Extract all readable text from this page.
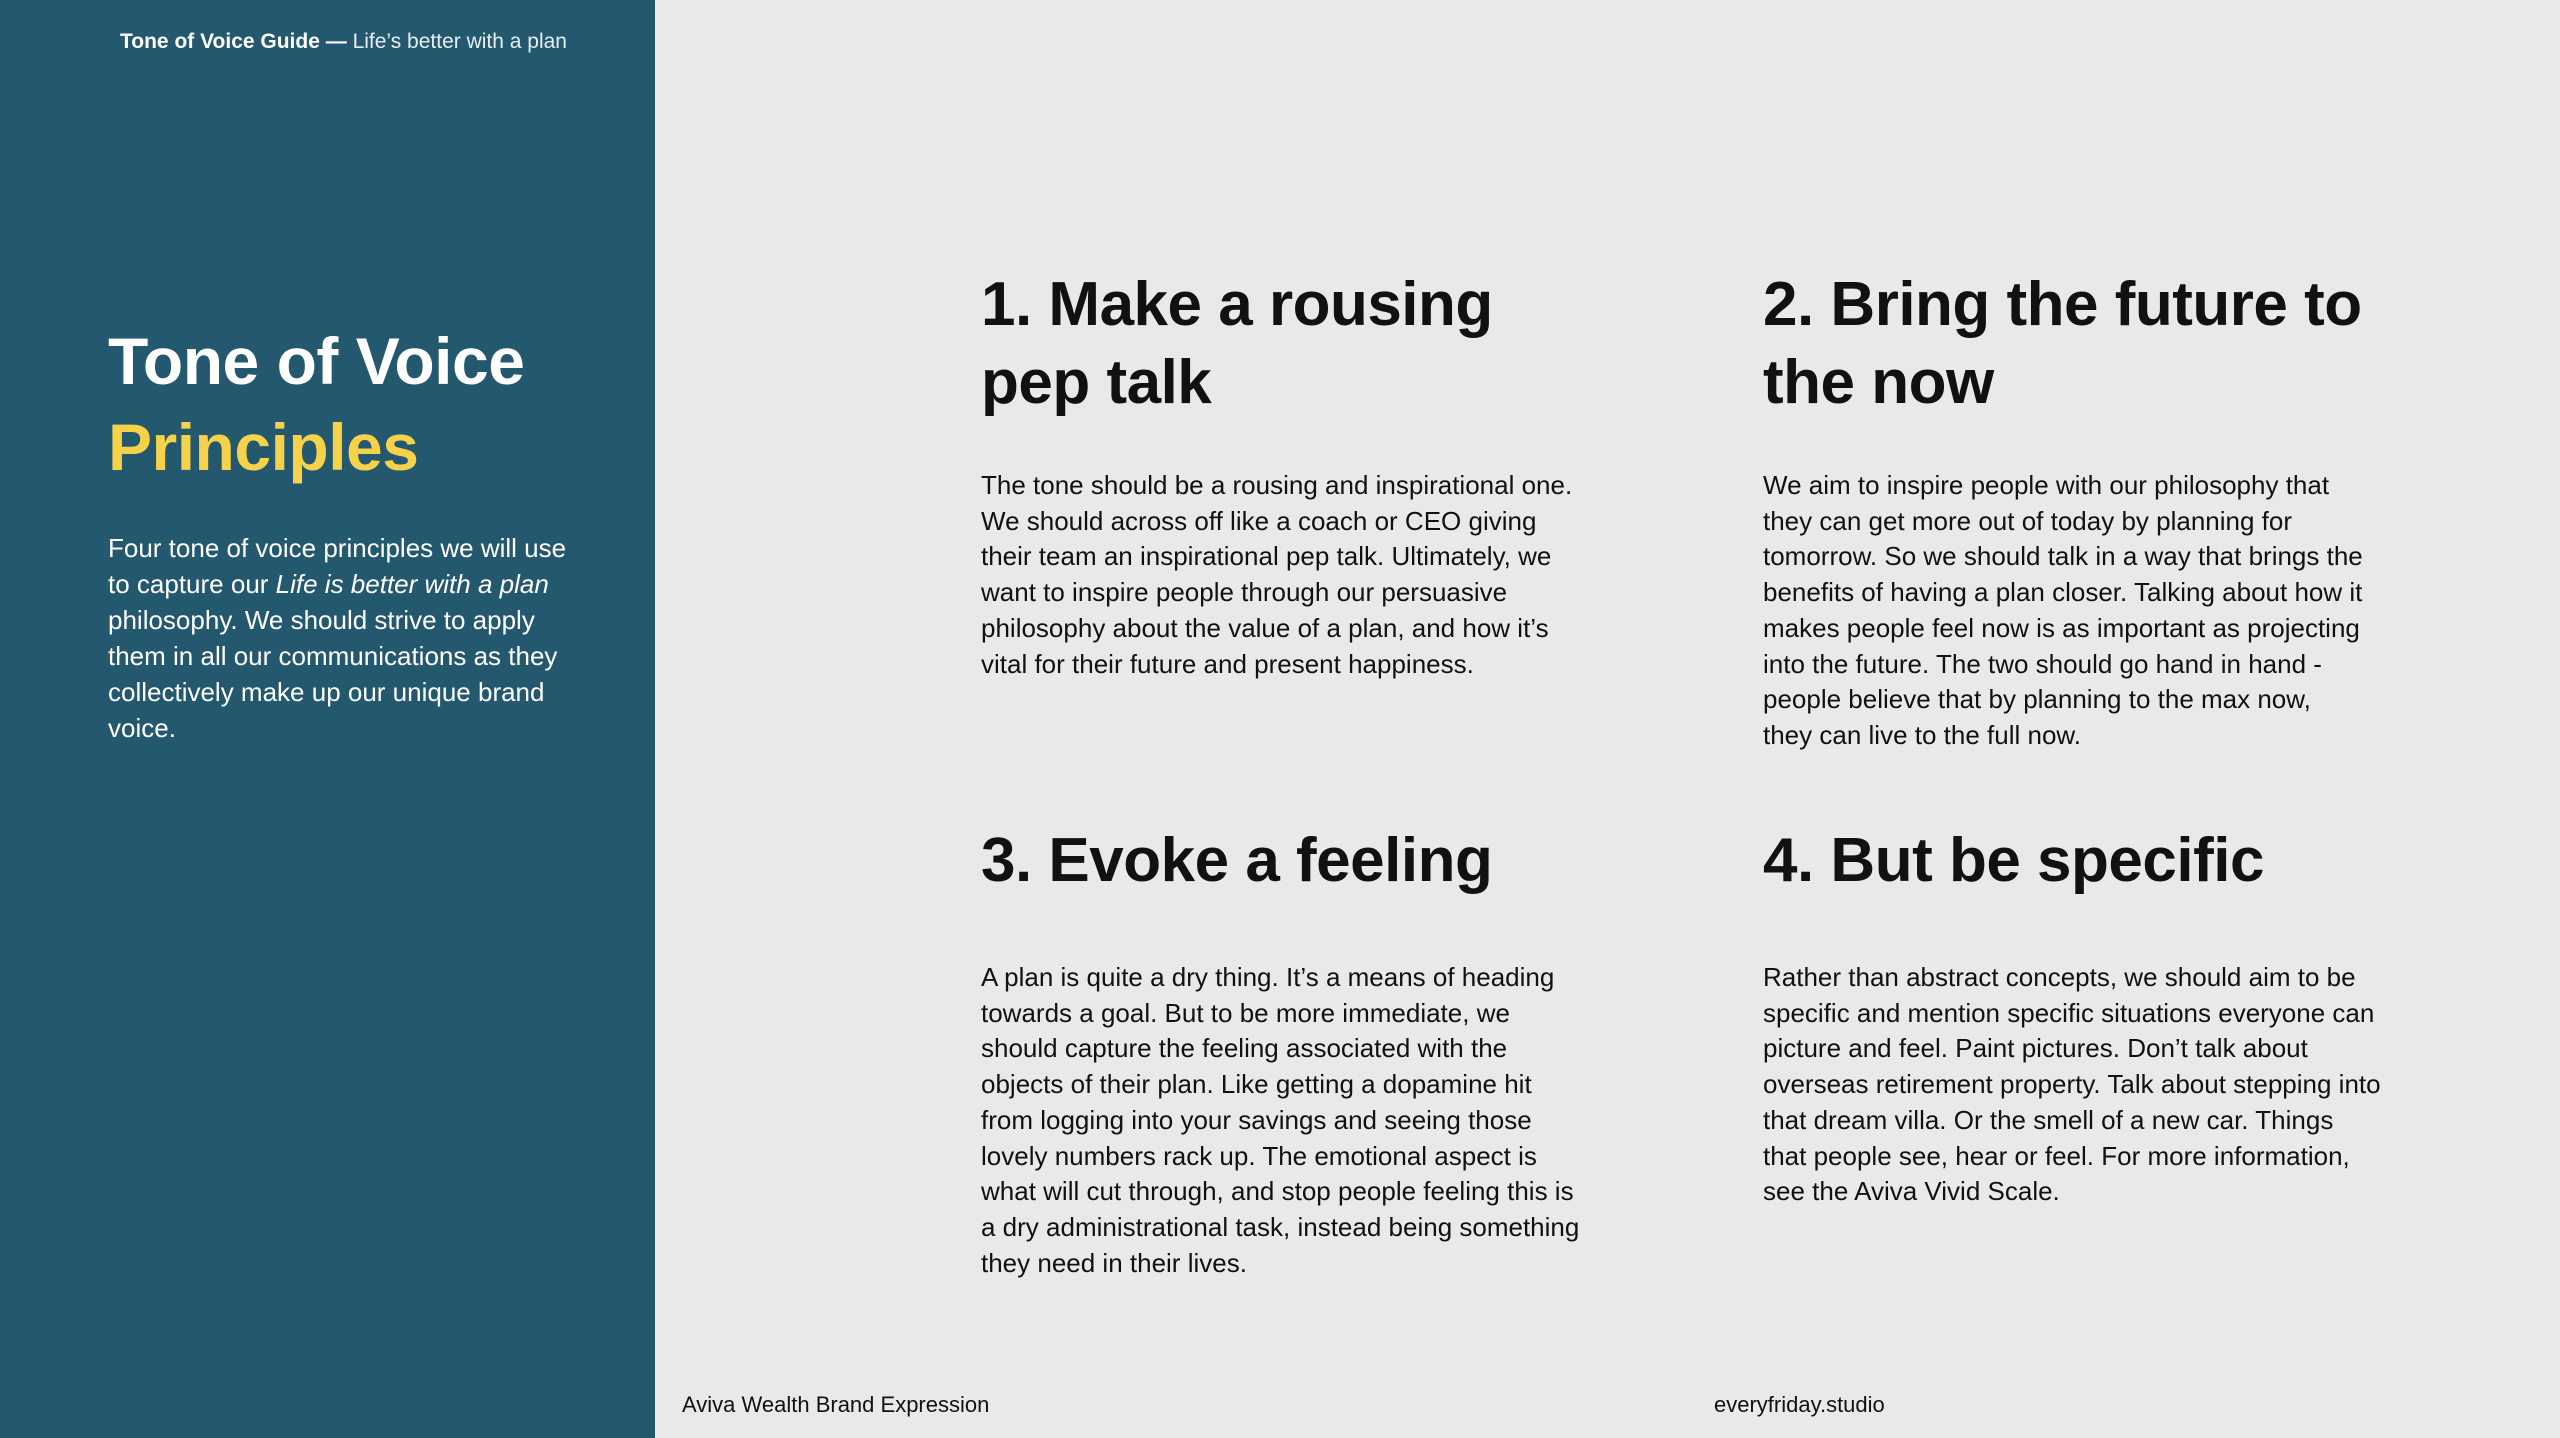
Tone of Voice Guide — Life’s better with a plan
Tone of Voice
Principles
Four tone of voice principles we will use to capture our Life is better with a plan philosophy. We should strive to apply them in all our communications as they collectively make up our unique brand voice.
1. Make a rousing pep talk

The tone should be a rousing and inspirational one. We should across off like a coach or CEO giving their team an inspirational pep talk. Ultimately, we want to inspire people through our persuasive philosophy about the value of a plan, and how it’s vital for their future and present happiness.

2. Bring the future to the now

We aim to inspire people with our philosophy that they can get more out of today by planning for tomorrow. So we should talk in a way that brings the benefits of having a plan closer. Talking about how it makes people feel now is as important as projecting into the future. The two should go hand in hand - people believe that by planning to the max now, they can live to the full now.

3. Evoke a feeling

A plan is quite a dry thing. It’s a means of heading towards a goal. But to be more immediate, we should capture the feeling associated with the objects of their plan. Like getting a dopamine hit from logging into your savings and seeing those lovely numbers rack up. The emotional aspect is what will cut through, and stop people feeling this is a dry administrational task, instead being something they need in their lives.

4. But be specific

Rather than abstract concepts, we should aim to be specific and mention specific situations everyone can picture and feel. Paint pictures. Don’t talk about overseas retirement property. Talk about stepping into that dream villa. Or the smell of a new car. Things that people see, hear or feel. For more information, see the Aviva Vivid Scale.

Aviva Wealth Brand Expression	everyfriday.studio
